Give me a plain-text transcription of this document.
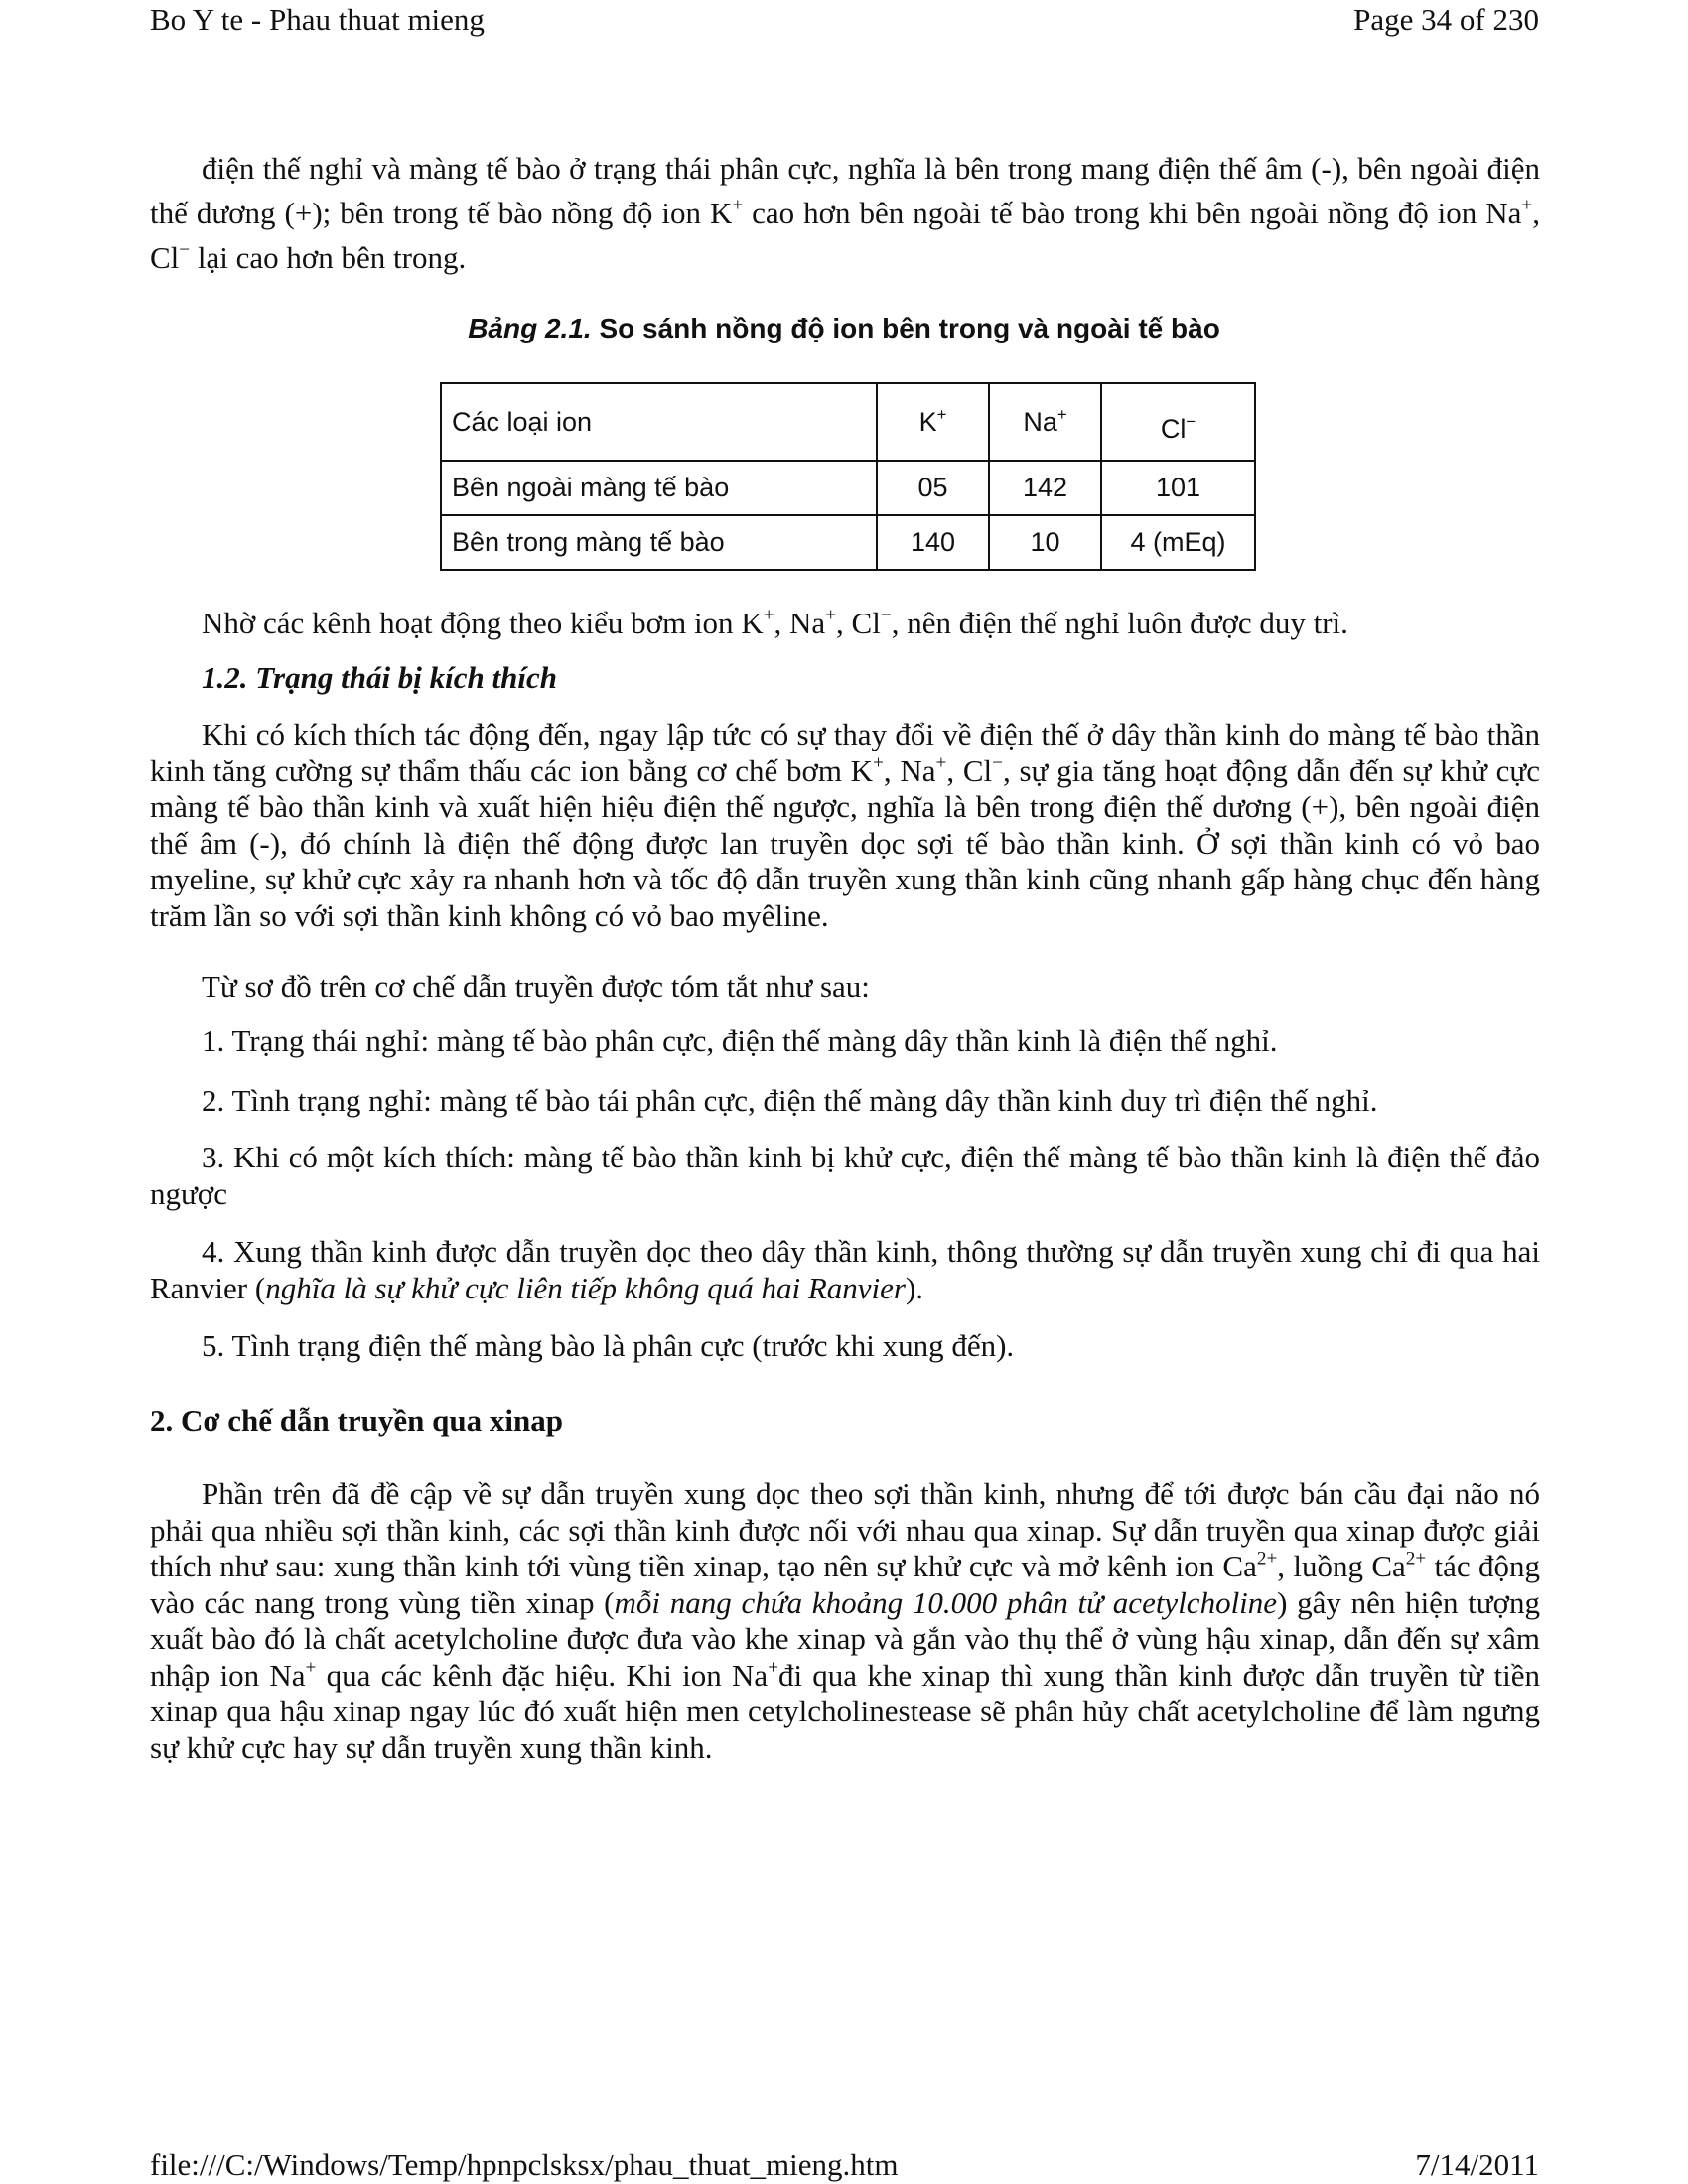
Bo Y te - Phau thuat mieng	Page 34 of 230

điện thế nghỉ và màng tế bào ở trạng thái phân cực, nghĩa là bên trong mang điện thế âm (-), bên ngoài điện thế dương (+); bên trong tế bào nồng độ ion K+ cao hơn bên ngoài tế bào trong khi bên ngoài nồng độ ion Na+, Cl− lại cao hơn bên trong.

Bảng 2.1. So sánh nồng độ ion bên trong và ngoài tế bào
Các loại ion	K+	Na+	Cl−
Bên ngoài màng tế bào	05	142	101
Bên trong màng tế bào	140	10	4 (mEq)

Nhờ các kênh hoạt động theo kiểu bơm ion K+, Na+, Cl−, nên điện thế nghỉ luôn được duy trì.

1.2. Trạng thái bị kích thích

Khi có kích thích tác động đến, ngay lập tức có sự thay đổi về điện thế ở dây thần kinh do màng tế bào thần kinh tăng cường sự thẩm thấu các ion bằng cơ chế bơm K+, Na+, Cl−, sự gia tăng hoạt động dẫn đến sự khử cực màng tế bào thần kinh và xuất hiện hiệu điện thế ngược, nghĩa là bên trong điện thế dương (+), bên ngoài điện thế âm (-), đó chính là điện thế động được lan truyền dọc sợi tế bào thần kinh. Ở sợi thần kinh có vỏ bao myeline, sự khử cực xảy ra nhanh hơn và tốc độ dẫn truyền xung thần kinh cũng nhanh gấp hàng chục đến hàng trăm lần so với sợi thần kinh không có vỏ bao myêline.

Từ sơ đồ trên cơ chế dẫn truyền được tóm tắt như sau:

1. Trạng thái nghỉ: màng tế bào phân cực, điện thế màng dây thần kinh là điện thế nghỉ.

2. Tình trạng nghỉ: màng tế bào tái phân cực, điện thế màng dây thần kinh duy trì điện thế nghỉ.

3. Khi có một kích thích: màng tế bào thần kinh bị khử cực, điện thế màng tế bào thần kinh là điện thế đảo ngược

4. Xung thần kinh được dẫn truyền dọc theo dây thần kinh, thông thường sự dẫn truyền xung chỉ đi qua hai Ranvier (nghĩa là sự khử cực liên tiếp không quá hai Ranvier).

5. Tình trạng điện thế màng bào là phân cực (trước khi xung đến).

2. Cơ chế dẫn truyền qua xinap

Phần trên đã đề cập về sự dẫn truyền xung dọc theo sợi thần kinh, nhưng để tới được bán cầu đại não nó phải qua nhiều sợi thần kinh, các sợi thần kinh được nối với nhau qua xinap. Sự dẫn truyền qua xinap được giải thích như sau: xung thần kinh tới vùng tiền xinap, tạo nên sự khử cực và mở kênh ion $Ca^{2+}$, luồng $Ca^{2+}$ tác động vào các nang trong vùng tiền xinap (mỗi nang chứa khoảng 10.000 phân tử acetylcholine) gây nên hiện tượng xuất bào đó là chất acetylcholine được đưa vào khe xinap và gắn vào thụ thể ở vùng hậu xinap, dẫn đến sự xâm nhập ion Na+ qua các kênh đặc hiệu. Khi ion Na+đi qua khe xinap thì xung thần kinh được dẫn truyền từ tiền xinap qua hậu xinap ngay lúc đó xuất hiện men cetylcholinestease sẽ phân hủy chất acetylcholine để làm ngưng sự khử cực hay sự dẫn truyền xung thần kinh.

file:///C:/Windows/Temp/hpnpclsksx/phau_thuat_mieng.htm	7/14/2011
